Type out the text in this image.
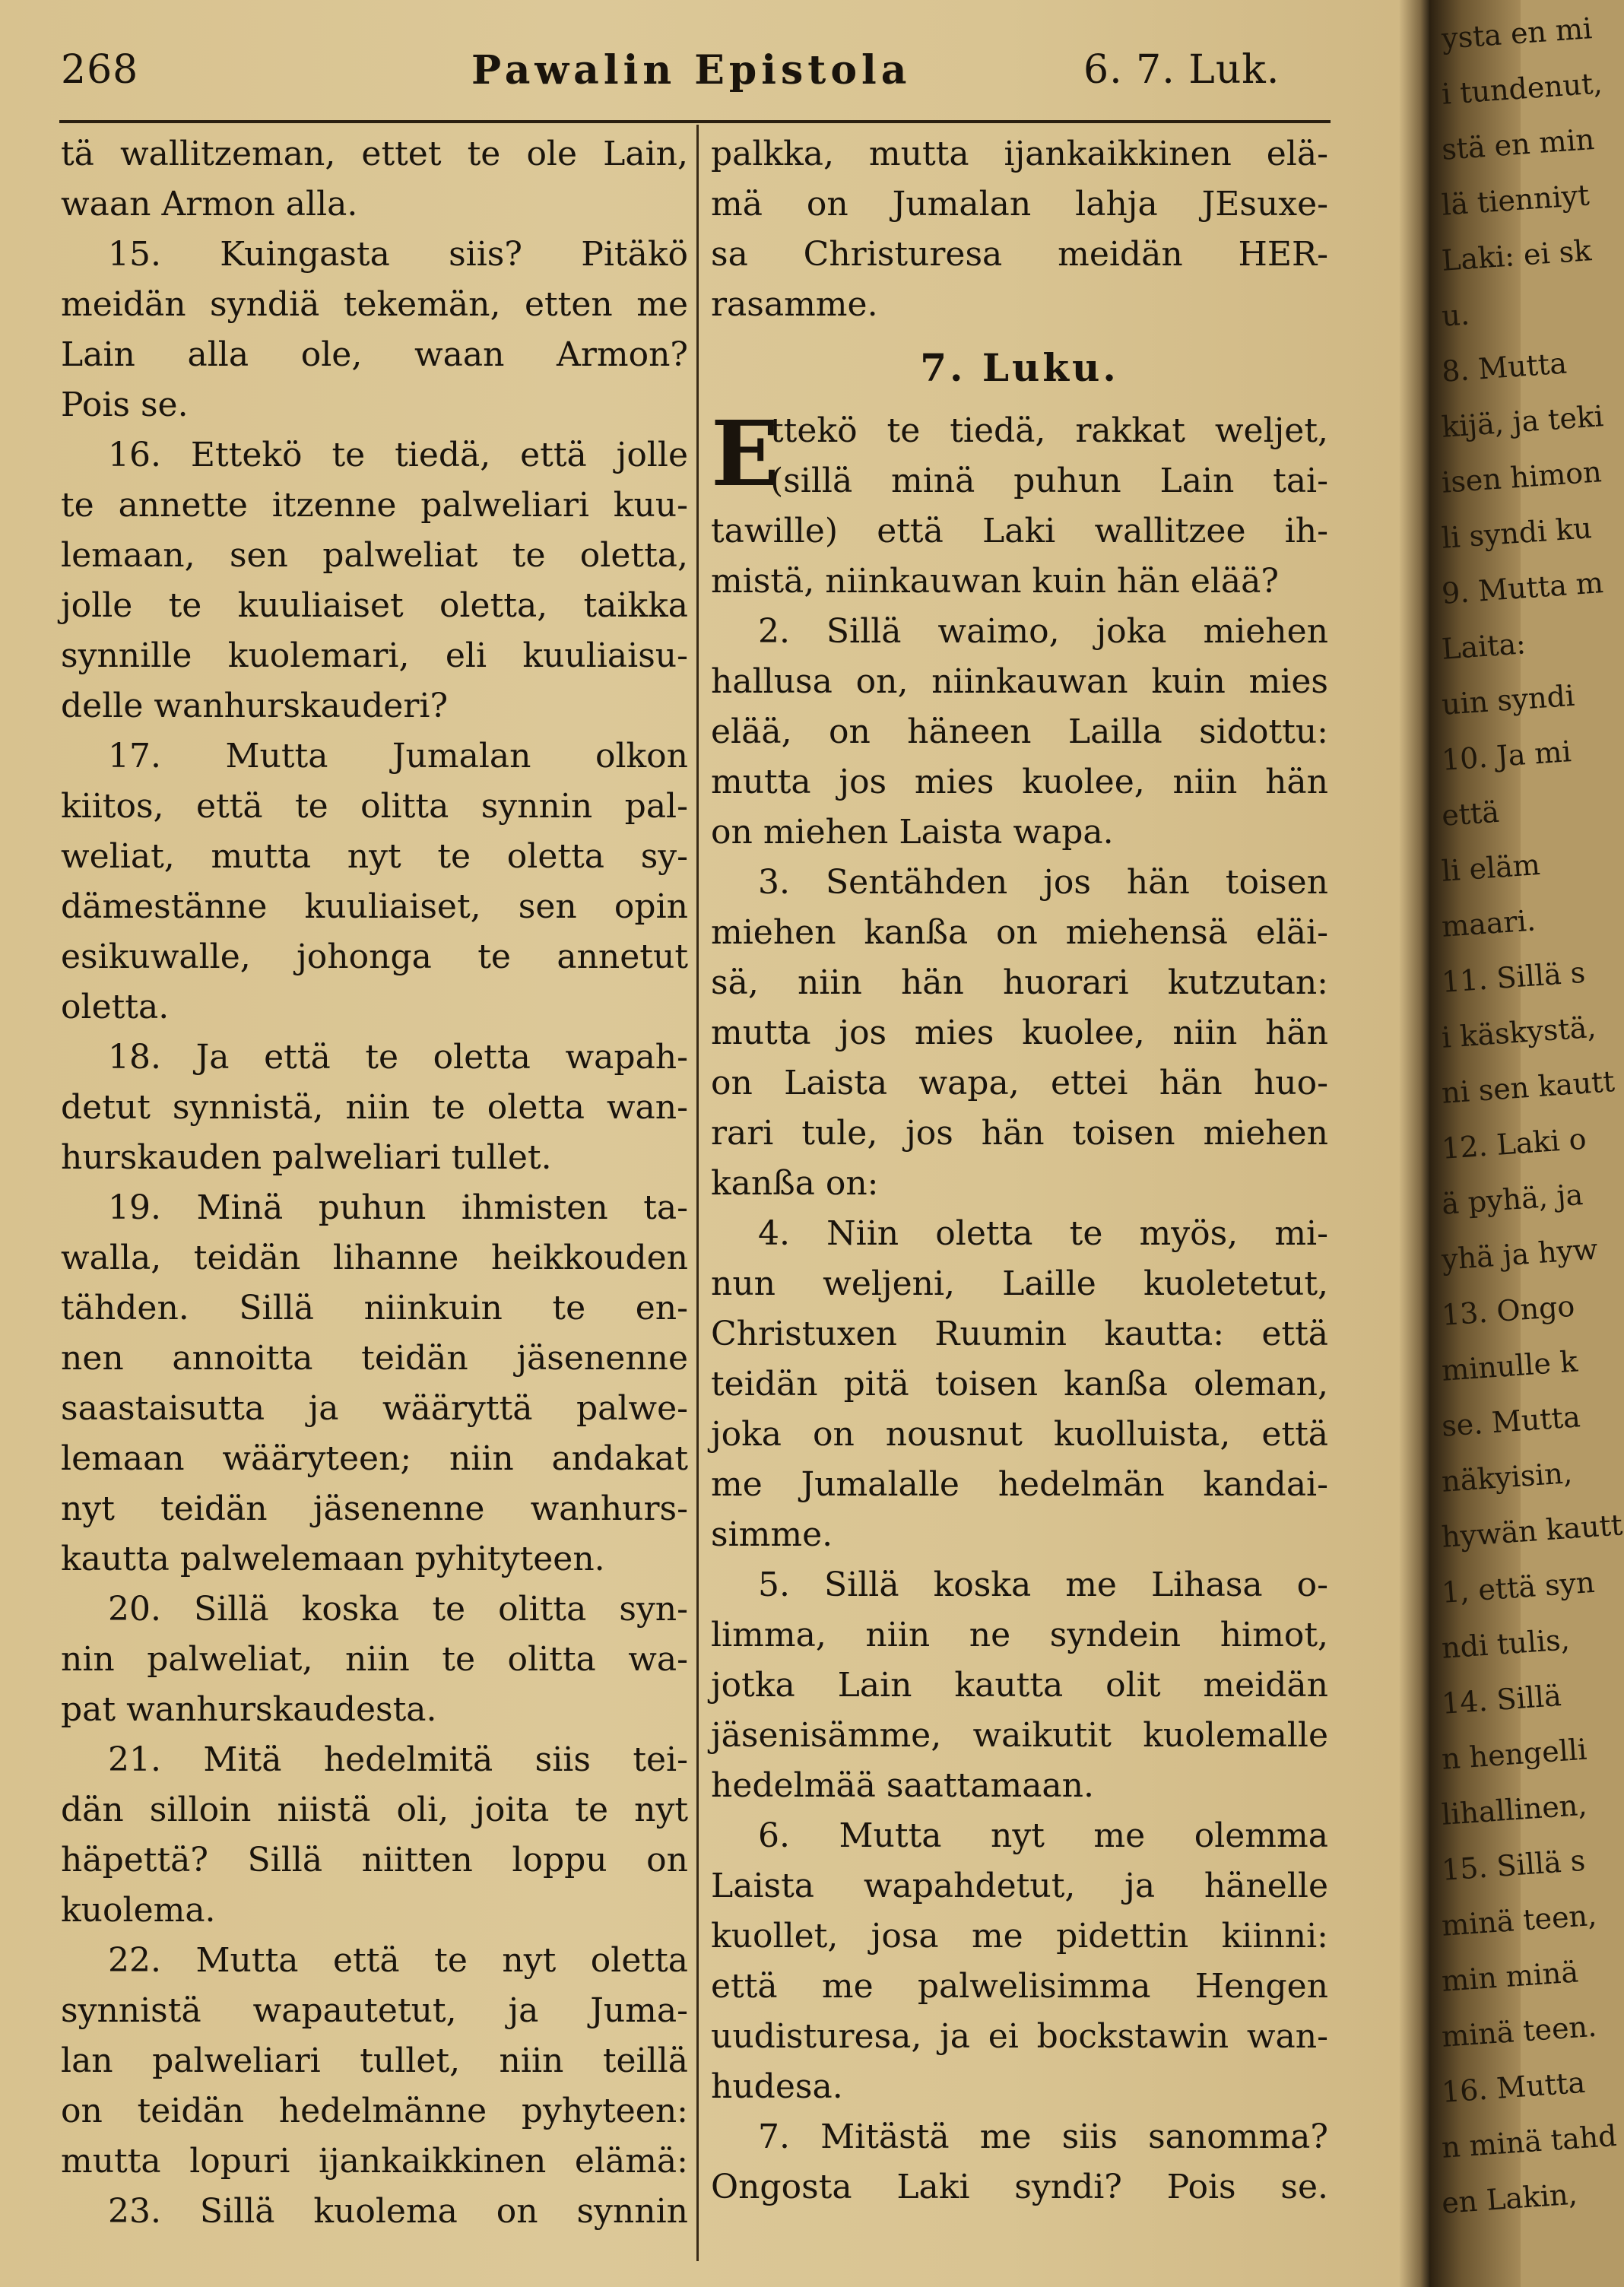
268	Pawalin Epistola	6. 7. Luk.
tä wallitzeman, ettet te ole Lain,
waan Armon alla.
15. Kuingasta siis? Pitäkö
meidän syndiä tekemän, etten me
Lain alla ole, waan Armon?
Pois se.
16. Ettekö te tiedä, että jolle
te annette itzenne palweliari kuu-
lemaan, sen palweliat te oletta,
jolle te kuuliaiset oletta, taikka
synnille kuolemari, eli kuuliaisu-
delle wanhurskauderi?
17. Mutta Jumalan olkon
kiitos, että te olitta synnin pal-
weliat, mutta nyt te oletta sy-
dämestänne kuuliaiset, sen opin
esikuwalle, johonga te annetut
oletta.
18. Ja että te oletta wapah-
detut synnistä, niin te oletta wan-
hurskauden palweliari tullet.
19. Minä puhun ihmisten ta-
walla, teidän lihanne heikkouden
tähden. Sillä niinkuin te en-
nen annoitta teidän jäsenenne
saastaisutta ja wääryttä palwe-
lemaan wääryteen; niin andakat
nyt teidän jäsenenne wanhurs-
kautta palwelemaan pyhityteen.
20. Sillä koska te olitta syn-
nin palweliat, niin te olitta wa-
pat wanhurskaudesta.
21. Mitä hedelmitä siis tei-
dän silloin niistä oli, joita te nyt
häpettä? Sillä niitten loppu on
kuolema.
22. Mutta että te nyt oletta
synnistä wapautetut, ja Juma-
lan palweliari tullet, niin teillä
on teidän hedelmänne pyhyteen:
mutta lopuri ijankaikkinen elämä:
23. Sillä kuolema on synnin
palkka, mutta ijankaikkinen elä-
mä on Jumalan lahja JEsuxe-
sa Christuresa meidän HER-
rasamme.
7. Luku.
E
ttekö te tiedä, rakkat weljet,
(sillä minä puhun Lain tai-
tawille) että Laki wallitzee ih-
mistä, niinkauwan kuin hän elää?
2. Sillä waimo, joka miehen
hallusa on, niinkauwan kuin mies
elää, on häneen Lailla sidottu:
mutta jos mies kuolee, niin hän
on miehen Laista wapa.
3. Sentähden jos hän toisen
miehen kanßa on miehensä eläi-
sä, niin hän huorari kutzutan:
mutta jos mies kuolee, niin hän
on Laista wapa, ettei hän huo-
rari tule, jos hän toisen miehen
kanßa on:
4. Niin oletta te myös, mi-
nun weljeni, Laille kuoletetut,
Christuxen Ruumin kautta: että
teidän pitä toisen kanßa oleman,
joka on nousnut kuolluista, että
me Jumalalle hedelmän kandai-
simme.
5. Sillä koska me Lihasa o-
limma, niin ne syndein himot,
jotka Lain kautta olit meidän
jäsenisämme, waikutit kuolemalle
hedelmää saattamaan.
6. Mutta nyt me olemma
Laista wapahdetut, ja hänelle
kuollet, josa me pidettin kiinni:
että me palwelisimma Hengen
uudisturesa, ja ei bockstawin wan-
hudesa.
7. Mitästä me siis sanomma?
Ongosta Laki syndi? Pois se.
ysta en mi
i tundenut,
stä en min
lä tienniyt
Laki: ei sk
u.
8. Mutta
kijä, ja teki
isen himon
li syndi ku
9. Mutta m
Laita:
uin syndi
10. Ja mi
että
li eläm
maari.
11. Sillä s
i käskystä,
ni sen kautt
12. Laki o
ä pyhä, ja
yhä ja hyw
13. Ongo
minulle k
se. Mutta
näkyisin,
hywän kautt
1, että syn
ndi tulis,
14. Sillä
n hengelli
lihallinen,
15. Sillä s
minä teen,
min minä
minä teen.
16. Mutta
n minä tahd
en Lakin,
